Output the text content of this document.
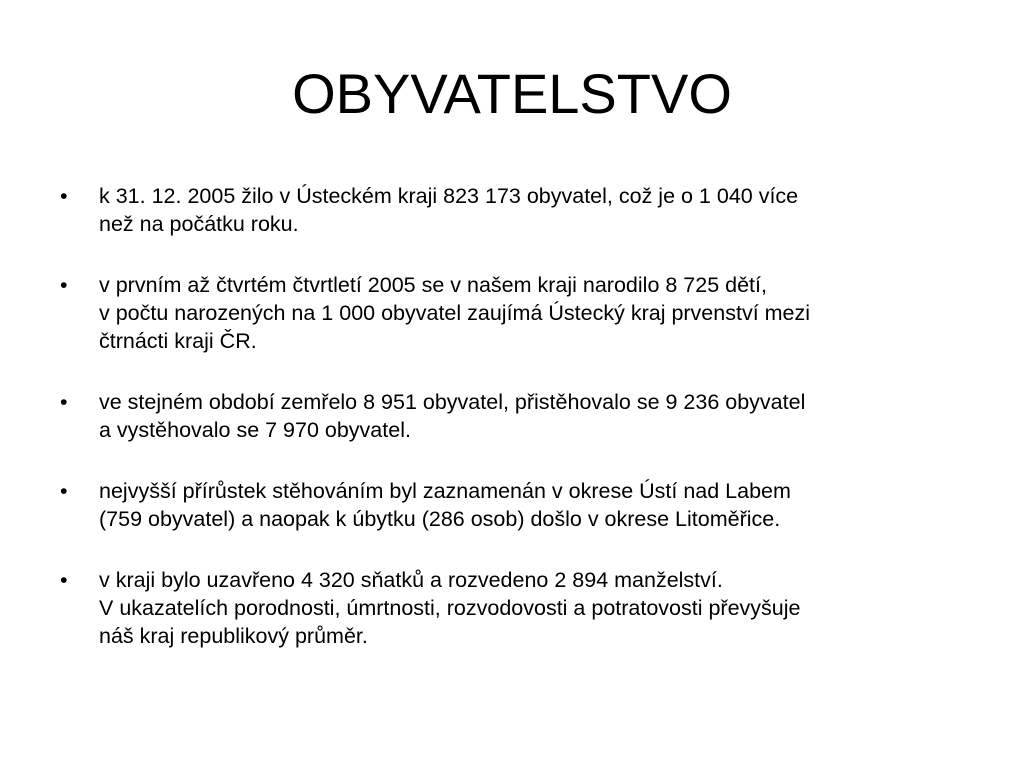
OBYVATELSTVO
•	k 31. 12. 2005 žilo v Ústeckém kraji 823 173 obyvatel, což je o 1 040 více
než na počátku roku.
•	v prvním až čtvrtém čtvrtletí 2005 se v našem kraji narodilo 8 725 dětí,
v počtu narozených na 1 000 obyvatel zaujímá Ústecký kraj prvenství mezi
čtrnácti kraji ČR.
•	ve stejném období zemřelo 8 951 obyvatel, přistěhovalo se 9 236 obyvatel
a vystěhovalo se 7 970 obyvatel.
•	nejvyšší přírůstek stěhováním byl zaznamenán v okrese Ústí nad Labem
(759 obyvatel) a naopak k úbytku (286 osob) došlo v okrese Litoměřice.
•	v kraji bylo uzavřeno 4 320 sňatků a rozvedeno 2 894 manželství.
V ukazatelích porodnosti, úmrtnosti, rozvodovosti a potratovosti převyšuje
náš kraj republikový průměr.
